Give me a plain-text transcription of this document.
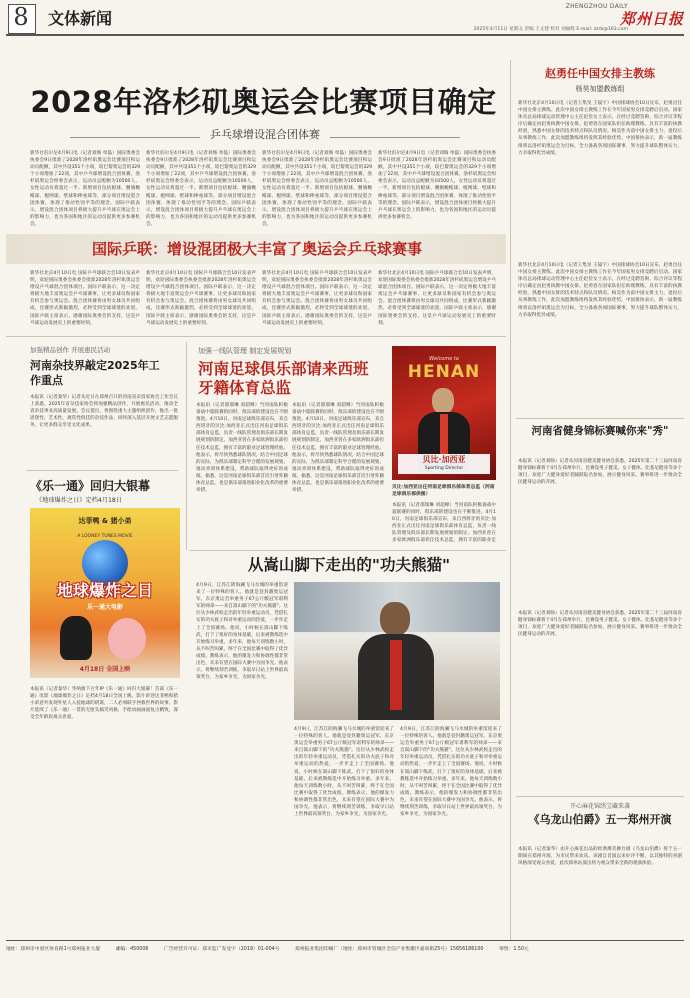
8	文体新闻
ZHENGZHOU DAILY
郑州日报
2025年4月11日 星期五 责编 王文建 校对 刘丽辉 E-mail: zzrb@163.com
2028年洛杉矶奥运会比赛项目确定
乒乓球增设混合团体赛
新华社伯尔尼4月9日电（记者刘旸 单磊）国际奥委会执委会9日批准了2028年洛杉矶奥运会比赛项目和运动员配额，其中共设351个小项，较巴黎奥运会的329个小项增加了22项，其中乒乓球增设混合团体赛。洛杉矶奥运会组委会表示，运动员总配额为10500人，女性运动员将超过一半。新增项目包括板球、腰旗橄榄球、棍网球、壁球和棒垒球等，部分项目增设混合团体赛，体现了推动性别平等的理念。国际乒联表示，增设混合团体项目将极大提升乒乓球在奥运会上的影响力，也为各国和地区的运动员提供更多参赛机会。
新华社伯尔尼4月9日电（记者刘旸 单磊）国际奥委会执委会9日批准了2028年洛杉矶奥运会比赛项目和运动员配额，其中共设351个小项，较巴黎奥运会的329个小项增加了22项，其中乒乓球增设混合团体赛。洛杉矶奥运会组委会表示，运动员总配额为10500人，女性运动员将超过一半。新增项目包括板球、腰旗橄榄球、棍网球、壁球和棒垒球等，部分项目增设混合团体赛，体现了推动性别平等的理念。国际乒联表示，增设混合团体项目将极大提升乒乓球在奥运会上的影响力，也为各国和地区的运动员提供更多参赛机会。
新华社伯尔尼4月9日电（记者刘旸 单磊）国际奥委会执委会9日批准了2028年洛杉矶奥运会比赛项目和运动员配额，其中共设351个小项，较巴黎奥运会的329个小项增加了22项，其中乒乓球增设混合团体赛。洛杉矶奥运会组委会表示，运动员总配额为10500人，女性运动员将超过一半。新增项目包括板球、腰旗橄榄球、棍网球、壁球和棒垒球等，部分项目增设混合团体赛，体现了推动性别平等的理念。国际乒联表示，增设混合团体项目将极大提升乒乓球在奥运会上的影响力，也为各国和地区的运动员提供更多参赛机会。
新华社伯尔尼4月9日电（记者刘旸 单磊）国际奥委会执委会9日批准了2028年洛杉矶奥运会比赛项目和运动员配额，其中共设351个小项，较巴黎奥运会的329个小项增加了22项，其中乒乓球增设混合团体赛。洛杉矶奥运会组委会表示，运动员总配额为10500人，女性运动员将超过一半。新增项目包括板球、腰旗橄榄球、棍网球、壁球和棒垒球等，部分项目增设混合团体赛，体现了推动性别平等的理念。国际乒联表示，增设混合团体项目将极大提升乒乓球在奥运会上的影响力，也为各国和地区的运动员提供更多参赛机会。
赵勇任中国女排主教练
杨昊加盟教练组
新华社北京4月10日电（记者王集旻 王镜宇）中国排球协会10日宣布，赵勇出任中国女排主教练。此次中国女排主教练工作在今年国家男女排竞聘后启动。国家体育总局排球运动管理中心主任赵俭女士表示，在经过竞聘答辩、综合评议等程序后确定由赵勇执教中国女排。赵勇曾在国家队担任助理教练，具有丰富的执教经验，熟悉中国女排的技术特点和队员情况。杨昊作为前中国女排主力，退役后从事教练工作，此次加盟教练组将发挥其经验优势。中国排协表示，新一届教练组将以洛杉矶奥运会为目标，全力备战各项国际赛事，努力提升球队整体实力，力争取得优异成绩。
新华社北京4月10日电（记者王集旻 王镜宇）中国排球协会10日宣布，赵勇出任中国女排主教练。此次中国女排主教练工作在今年国家男女排竞聘后启动。国家体育总局排球运动管理中心主任赵俭女士表示，在经过竞聘答辩、综合评议等程序后确定由赵勇执教中国女排。赵勇曾在国家队担任助理教练，具有丰富的执教经验，熟悉中国女排的技术特点和队员情况。杨昊作为前中国女排主力，退役后从事教练工作，此次加盟教练组将发挥其经验优势。中国排协表示，新一届教练组将以洛杉矶奥运会为目标，全力备战各项国际赛事，努力提升球队整体实力，力争取得优异成绩。
河南省健身锦标赛喊你来"秀"
本报讯（记者刘旸）记者从河南省健美健身协会获悉，2025年第二十三届河南省健身锦标赛将于4月在郑州举行，比赛设男子健美、女子健体、比基尼健身等多个项目，欢迎广大健身爱好者踊跃报名参加，展示健身风采。赛事将进一步推动全民健身运动的开展。
本报讯（记者刘旸）记者从河南省健美健身协会获悉，2025年第二十三届河南省健身锦标赛将于4月在郑州举行，比赛设男子健美、女子健体、比基尼健身等多个项目，欢迎广大健身爱好者踊跃报名参加，展示健身风采。赛事将进一步推动全民健身运动的开展。
开心麻花锦绣宝藏来袭
《乌龙山伯爵》五一郑州开演
本报讯（记者秦华）由开心麻花出品的经典爆笑舞台剧《乌龙山伯爵》将于五一期间在郑州开演，为市民带来欢乐。该剧自首演以来好评不断，以其独特的喜剧风格深受观众喜爱，此次郑州站演出将为观众带来全新的观演体验。
国际乒联：增设混团极大丰富了奥运会乒乓球赛事
新华社北京4月10日电 国际乒乓球联合会10日发表声明，欢迎国际奥委会执委会批准2028年洛杉矶奥运会增设乒乓球混合团体项目。国际乒联表示，这一决定将极大地丰富奥运会乒乓球赛事，让更多球员和国家有机会参与奥运会。混合团体赛将由男女球员共同组成，比赛形式新颖激烈，必将受到全球球迷的欢迎。国际乒联主席表示，感谢国际奥委会的支持，这是乒乓球运动发展史上的重要时刻。
新华社北京4月10日电 国际乒乓球联合会10日发表声明，欢迎国际奥委会执委会批准2028年洛杉矶奥运会增设乒乓球混合团体项目。国际乒联表示，这一决定将极大地丰富奥运会乒乓球赛事，让更多球员和国家有机会参与奥运会。混合团体赛将由男女球员共同组成，比赛形式新颖激烈，必将受到全球球迷的欢迎。国际乒联主席表示，感谢国际奥委会的支持，这是乒乓球运动发展史上的重要时刻。
新华社北京4月10日电 国际乒乓球联合会10日发表声明，欢迎国际奥委会执委会批准2028年洛杉矶奥运会增设乒乓球混合团体项目。国际乒联表示，这一决定将极大地丰富奥运会乒乓球赛事，让更多球员和国家有机会参与奥运会。混合团体赛将由男女球员共同组成，比赛形式新颖激烈，必将受到全球球迷的欢迎。国际乒联主席表示，感谢国际奥委会的支持，这是乒乓球运动发展史上的重要时刻。
新华社北京4月10日电 国际乒乓球联合会10日发表声明，欢迎国际奥委会执委会批准2028年洛杉矶奥运会增设乒乓球混合团体项目。国际乒联表示，这一决定将极大地丰富奥运会乒乓球赛事，让更多球员和国家有机会参与奥运会。混合团体赛将由男女球员共同组成，比赛形式新颖激烈，必将受到全球球迷的欢迎。国际乒联主席表示，感谢国际奥委会的支持，这是乒乓球运动发展史上的重要时刻。
加强精品创作 开展惠民活动
河南杂技界敲定2025年工作重点
本报讯（记者秦华）记者从近日在郑州召开的河南省杂技家协会工作会议上获悉，2025年省杂技家协会将加强精品创作，开展惠民活动，推动全省杂技事业高质量发展。会议提出，将围绕重大主题组织创作，推出一批思想性、艺术性、观赏性俱佳的杂技作品，同时深入基层开展文艺志愿服务，让更多群众享受文化成果。
《乐一通》回归大银幕
《地球爆炸之日》定档4月18日
达菲鸭 & 猪小弟
A LOONEY TUNES MOVIE
地球爆炸之日
乐一通大电影
4月18日 全国上映
本报讯（记者秦华）华纳旗下百年IP《乐一通》回归大银幕！首部《乐一通》电影《地球爆炸之日》定档4月18日全国上映。影片讲述达菲鸭和猪小弟意外发现外星人入侵地球的阴谋，二人必须联手拯救世界的故事。影片延续了《乐一通》一贯的无厘头搞笑风格，手绘动画画面复古精致，深受全年龄段观众喜爱。
加强一线队管理 制定发展规划
河南足球俱乐部请来西班牙籍体育总监
本报讯（记者邵瑞琳 刘超峰）当河南队积极备战中超联赛的同时，俱乐部的建设也在不断推进。4月10日，河南足球俱乐部宣布，来自西班牙的贝比·加西亚正式出任河南足球俱乐部体育总监，负责一线队管理及俱乐部长期发展规划的制定。加西亚曾在多家欧洲俱乐部担任技术总监，拥有丰富的职业足球管理经验。他表示，将尽快熟悉球队情况，结合中国足球的实际，为俱乐部制定科学合理的发展规划，推动青训体系建设，帮助球队取得更好的成绩。据悉，这是河南足球俱乐部首次引进外籍体育总监，也是俱乐部推进职业化改革的重要举措。
本报讯（记者邵瑞琳 刘超峰）当河南队积极备战中超联赛的同时，俱乐部的建设也在不断推进。4月10日，河南足球俱乐部宣布，来自西班牙的贝比·加西亚正式出任河南足球俱乐部体育总监，负责一线队管理及俱乐部长期发展规划的制定。加西亚曾在多家欧洲俱乐部担任技术总监，拥有丰富的职业足球管理经验。他表示，将尽快熟悉球队情况，结合中国足球的实际，为俱乐部制定科学合理的发展规划，推动青训体系建设，帮助球队取得更好的成绩。据悉，这是河南足球俱乐部首次引进外籍体育总监，也是俱乐部推进职业化改革的重要举措。
Welcome to
HENAN
贝比·加西亚
Sporting Director
贝比·加西亚出任河南足球俱乐部体育总监（河南足球俱乐部供图）
本报讯（记者邵瑞琳 刘超峰）当河南队积极备战中超联赛的同时，俱乐部的建设也在不断推进。4月10日，河南足球俱乐部宣布，来自西班牙的贝比·加西亚正式出任河南足球俱乐部体育总监，负责一线队管理及俱乐部长期发展规划的制定。加西亚曾在多家欧洲俱乐部担任技术总监，拥有丰富的职业足
从嵩山脚下走出的"功夫熊猫"
4月9日，江苏江阴海澜飞马水城的举重馆迎来了一位特殊的客人。他就是登封籍奥运冠军、东京奥运会举重男子67公斤级冠军谌利军的师弟——来自嵩山脚下的"功夫熊猫"。这位从少林武校走出的年轻举重运动员，凭借扎实的功夫底子和对举重运动的热爱，一步步走上了全国赛场。他说，小时候在嵩山脚下练武，打下了很好的身体基础，后来被教练选中开始练习举重。多年来，他每天训练数小时，从不叫苦叫累，终于在全国比赛中取得了优异成绩。教练表示，他的爆发力和协调性都非常出色，未来有望在国际大赛中为国争光。他表示，将继续刻苦训练，争取早日站上世界最高领奖台，为家乡争光，为国家争光。
4月9日，江苏江阴海澜飞马水城的举重馆迎来了一位特殊的客人。他就是登封籍奥运冠军、东京奥运会举重男子67公斤级冠军谌利军的师弟——来自嵩山脚下的"功夫熊猫"。这位从少林武校走出的年轻举重运动员，凭借扎实的功夫底子和对举重运动的热爱，一步步走上了全国赛场。他说，小时候在嵩山脚下练武，打下了很好的身体基础，后来被教练选中开始练习举重。多年来，他每天训练数小时，从不叫苦叫累，终于在全国比赛中取得了优异成绩。教练表示，他的爆发力和协调性都非常出色，未来有望在国际大赛中为国争光。他表示，将继续刻苦训练，争取早日站上世界最高领奖台，为家乡争光，为国家争光。
4月9日，江苏江阴海澜飞马水城的举重馆迎来了一位特殊的客人。他就是登封籍奥运冠军、东京奥运会举重男子67公斤级冠军谌利军的师弟——来自嵩山脚下的"功夫熊猫"。这位从少林武校走出的年轻举重运动员，凭借扎实的功夫底子和对举重运动的热爱，一步步走上了全国赛场。他说，小时候在嵩山脚下练武，打下了很好的身体基础，后来被教练选中开始练习举重。多年来，他每天训练数小时，从不叫苦叫累，终于在全国比赛中取得了优异成绩。教练表示，他的爆发力和协调性都非常出色，未来有望在国际大赛中为国争光。他表示，将继续刻苦训练，争取早日站上世界最高领奖台，为家乡争光，为国家争光。
地址：郑州市中原区体育路1号郑州报业大厦	邮编：450006	广告经营许可证：郑市监广发登字（2019）01-004号	郑州报业集团印刷厂（地址：郑州市管城区全信产业集聚区嘉尚街25号）15656186100	零售：1.50元
